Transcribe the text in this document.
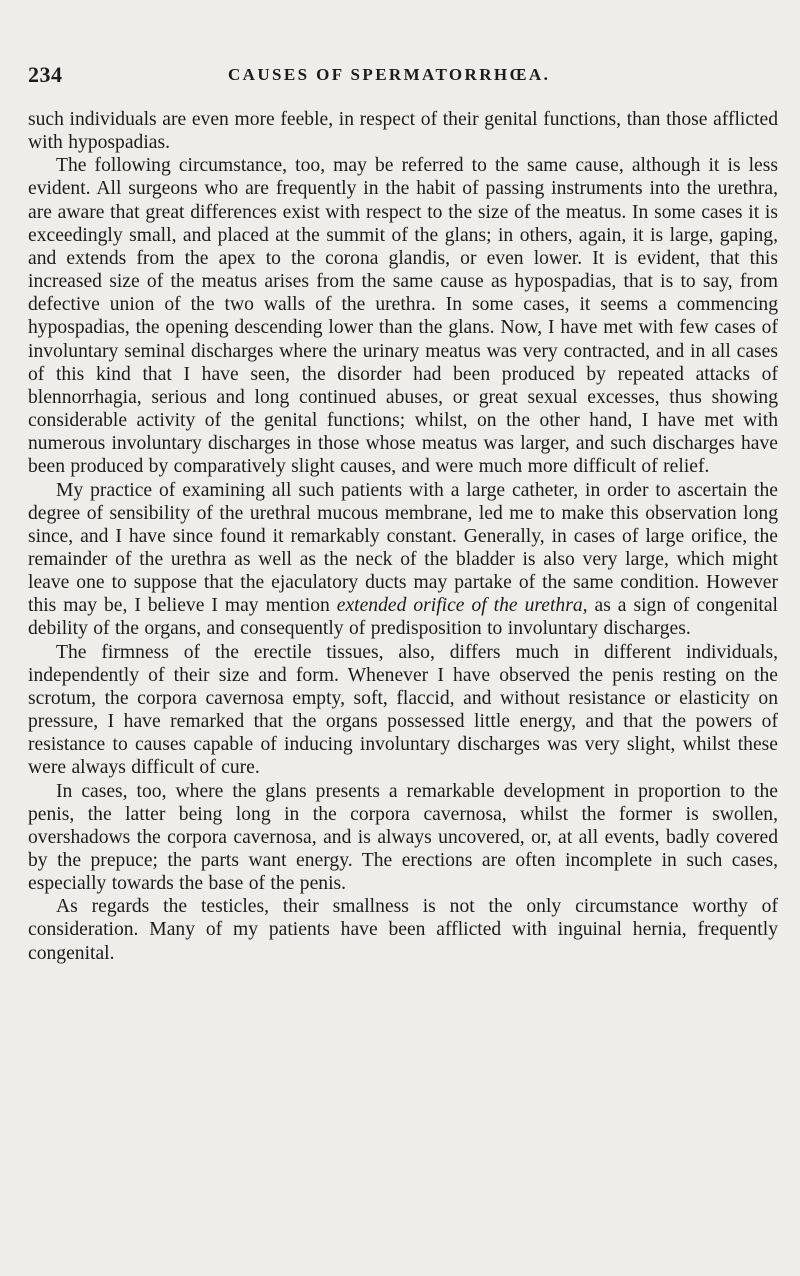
234	CAUSES OF SPERMATORRHŒA.

such individuals are even more feeble, in respect of their genital functions, than those afflicted with hypospadias.

The following circumstance, too, may be referred to the same cause, although it is less evident. All surgeons who are frequently in the habit of passing instruments into the urethra, are aware that great differences exist with respect to the size of the meatus. In some cases it is exceedingly small, and placed at the summit of the glans; in others, again, it is large, gaping, and extends from the apex to the corona glandis, or even lower. It is evident, that this increased size of the meatus arises from the same cause as hypospadias, that is to say, from defective union of the two walls of the urethra. In some cases, it seems a commencing hypospadias, the opening descending lower than the glans. Now, I have met with few cases of involuntary seminal discharges where the urinary meatus was very contracted, and in all cases of this kind that I have seen, the disorder had been produced by repeated attacks of blennorrhagia, serious and long continued abuses, or great sexual excesses, thus showing considerable activity of the genital functions; whilst, on the other hand, I have met with numerous involuntary discharges in those whose meatus was larger, and such discharges have been produced by comparatively slight causes, and were much more difficult of relief.

My practice of examining all such patients with a large catheter, in order to ascertain the degree of sensibility of the urethral mucous membrane, led me to make this observation long since, and I have since found it remarkably constant. Generally, in cases of large orifice, the remainder of the urethra as well as the neck of the bladder is also very large, which might leave one to suppose that the ejaculatory ducts may partake of the same condition. However this may be, I believe I may mention extended orifice of the urethra, as a sign of congenital debility of the organs, and consequently of predisposition to involuntary discharges.

The firmness of the erectile tissues, also, differs much in different individuals, independently of their size and form. Whenever I have observed the penis resting on the scrotum, the corpora cavernosa empty, soft, flaccid, and without resistance or elasticity on pressure, I have remarked that the organs possessed little energy, and that the powers of resistance to causes capable of inducing involuntary discharges was very slight, whilst these were always difficult of cure.

In cases, too, where the glans presents a remarkable development in proportion to the penis, the latter being long in the corpora cavernosa, whilst the former is swollen, overshadows the corpora cavernosa, and is always uncovered, or, at all events, badly covered by the prepuce; the parts want energy. The erections are often incomplete in such cases, especially towards the base of the penis.

As regards the testicles, their smallness is not the only circumstance worthy of consideration. Many of my patients have been afflicted with inguinal hernia, frequently congenital.
